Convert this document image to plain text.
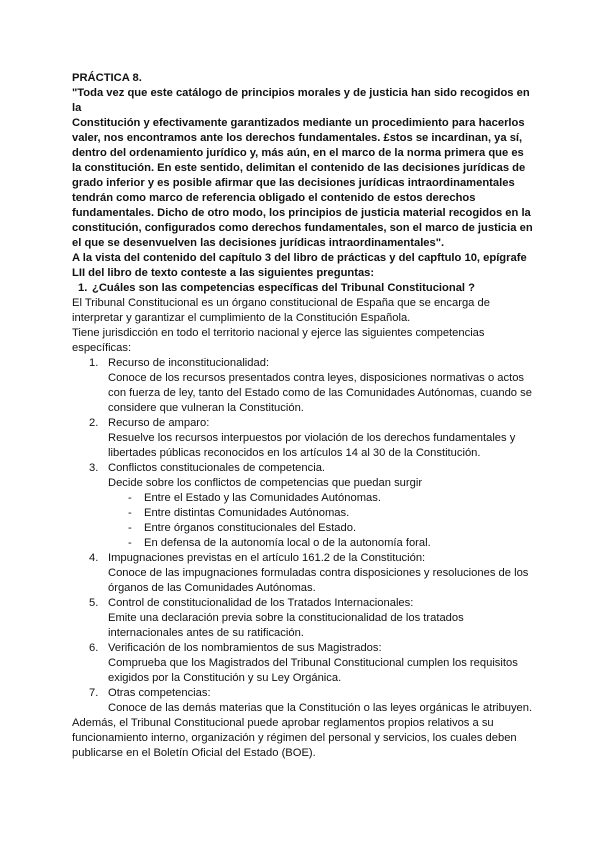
PRÁCTICA 8.

"Toda vez que este catálogo de principios morales y de justicia han sido recogidos en la

Constitución y efectivamente garantizados mediante un procedimiento para hacerlos valer, nos encontramos ante los derechos fundamentales. £stos se incardinan, ya sí, dentro del ordenamiento jurídico y, más aún, en el marco de la norma primera que es la constitución. En este sentido, delimitan el contenido de las decisiones jurídicas de grado inferior y es posible afirmar que las decisiones jurídicas intraordinamentales tendrán como marco de referencia obligado el contenido de estos derechos fundamentales. Dicho de otro modo, los principios de justicia material recogidos en la constitución, configurados como derechos fundamentales, son el marco de justicia en el que se desenvuelven las decisiones jurídicas intraordinamentales".

A la vista del contenido del capítulo 3 del libro de prácticas y del capftulo 10, epígrafe LII del libro de texto conteste a las siguientes preguntas:

1. ¿Cuáles son las competencias específicas del Tribunal Constitucional ?

El Tribunal Constitucional es un órgano constitucional de España que se encarga de interpretar y garantizar el cumplimiento de la Constitución Española.

Tiene jurisdicción en todo el territorio nacional y ejerce las siguientes competencias específicas:

1. Recurso de inconstitucionalidad:
Conoce de los recursos presentados contra leyes, disposiciones normativas o actos con fuerza de ley, tanto del Estado como de las Comunidades Autónomas, cuando se considere que vulneran la Constitución.
2. Recurso de amparo:
Resuelve los recursos interpuestos por violación de los derechos fundamentales y libertades públicas reconocidos en los artículos 14 al 30 de la Constitución.
3. Conflictos constitucionales de competencia.
Decide sobre los conflictos de competencias que puedan surgir
- Entre el Estado y las Comunidades Autónomas.
- Entre distintas Comunidades Autónomas.
- Entre órganos constitucionales del Estado.
- En defensa de la autonomía local o de la autonomía foral.
4. Impugnaciones previstas en el artículo 161.2 de la Constitución:
Conoce de las impugnaciones formuladas contra disposiciones y resoluciones de los órganos de las Comunidades Autónomas.
5. Control de constitucionalidad de los Tratados Internacionales:
Emite una declaración previa sobre la constitucionalidad de los tratados internacionales antes de su ratificación.
6. Verificación de los nombramientos de sus Magistrados:
Comprueba que los Magistrados del Tribunal Constitucional cumplen los requisitos exigidos por la Constitución y su Ley Orgánica.
7. Otras competencias:
Conoce de las demás materias que la Constitución o las leyes orgánicas le atribuyen.

Además, el Tribunal Constitucional puede aprobar reglamentos propios relativos a su funcionamiento interno, organización y régimen del personal y servicios, los cuales deben publicarse en el Boletín Oficial del Estado (BOE).
